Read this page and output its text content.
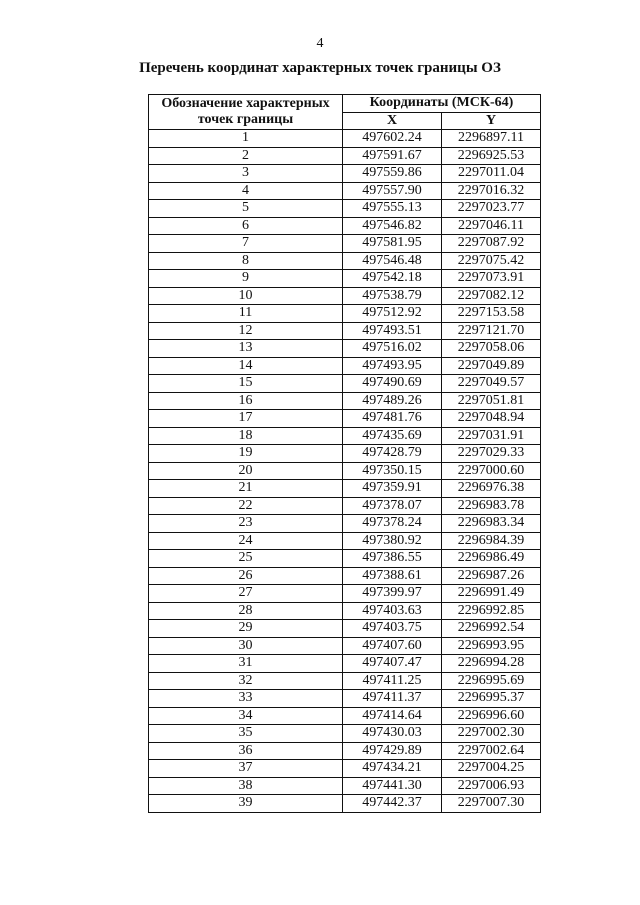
4
Перечень координат характерных точек границы ОЗ
Обозначение характерных
точек границы	Координаты (МСК-64)	
	X	Y
1	497602.24	2296897.11
2	497591.67	2296925.53
3	497559.86	2297011.04
4	497557.90	2297016.32
5	497555.13	2297023.77
6	497546.82	2297046.11
7	497581.95	2297087.92
8	497546.48	2297075.42
9	497542.18	2297073.91
10	497538.79	2297082.12
11	497512.92	2297153.58
12	497493.51	2297121.70
13	497516.02	2297058.06
14	497493.95	2297049.89
15	497490.69	2297049.57
16	497489.26	2297051.81
17	497481.76	2297048.94
18	497435.69	2297031.91
19	497428.79	2297029.33
20	497350.15	2297000.60
21	497359.91	2296976.38
22	497378.07	2296983.78
23	497378.24	2296983.34
24	497380.92	2296984.39
25	497386.55	2296986.49
26	497388.61	2296987.26
27	497399.97	2296991.49
28	497403.63	2296992.85
29	497403.75	2296992.54
30	497407.60	2296993.95
31	497407.47	2296994.28
32	497411.25	2296995.69
33	497411.37	2296995.37
34	497414.64	2296996.60
35	497430.03	2297002.30
36	497429.89	2297002.64
37	497434.21	2297004.25
38	497441.30	2297006.93
39	497442.37	2297007.30
